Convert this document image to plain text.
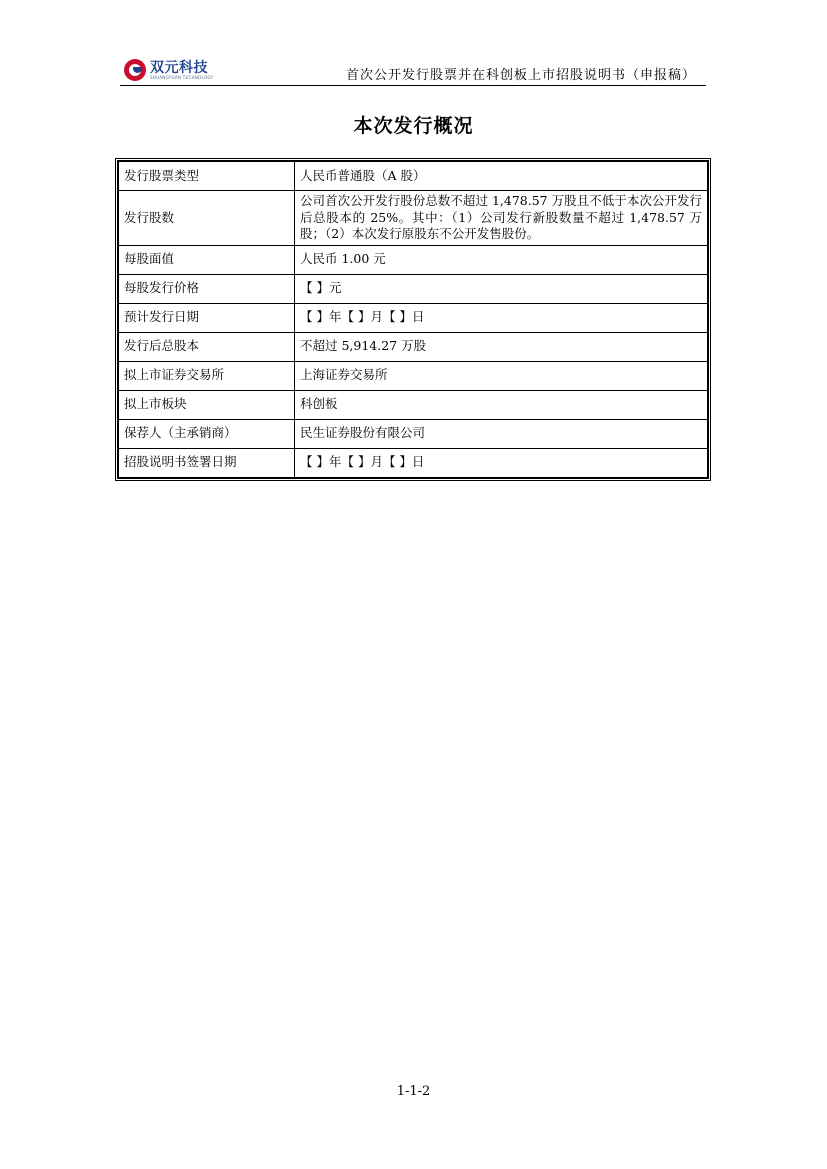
双元科技
SHUANGYUAN TECHNOLOGY	首次公开发行股票并在科创板上市招股说明书（申报稿）
本次发行概况
发行股票类型	人民币普通股（A 股）
发行股数	公司首次公开发行股份总数不超过 1,478.57 万股且不低于本次公开发行后总股本的 25%。其中：（1）公司发行新股数量不超过 1,478.57 万股；（2）本次发行原股东不公开发售股份。
每股面值	人民币 1.00 元
每股发行价格	【 】元
预计发行日期	【 】年【 】月【 】日
发行后总股本	不超过 5,914.27 万股
拟上市证券交易所	上海证券交易所
拟上市板块	科创板
保荐人（主承销商）	民生证券股份有限公司
招股说明书签署日期	【 】年【 】月【 】日
1-1-2
